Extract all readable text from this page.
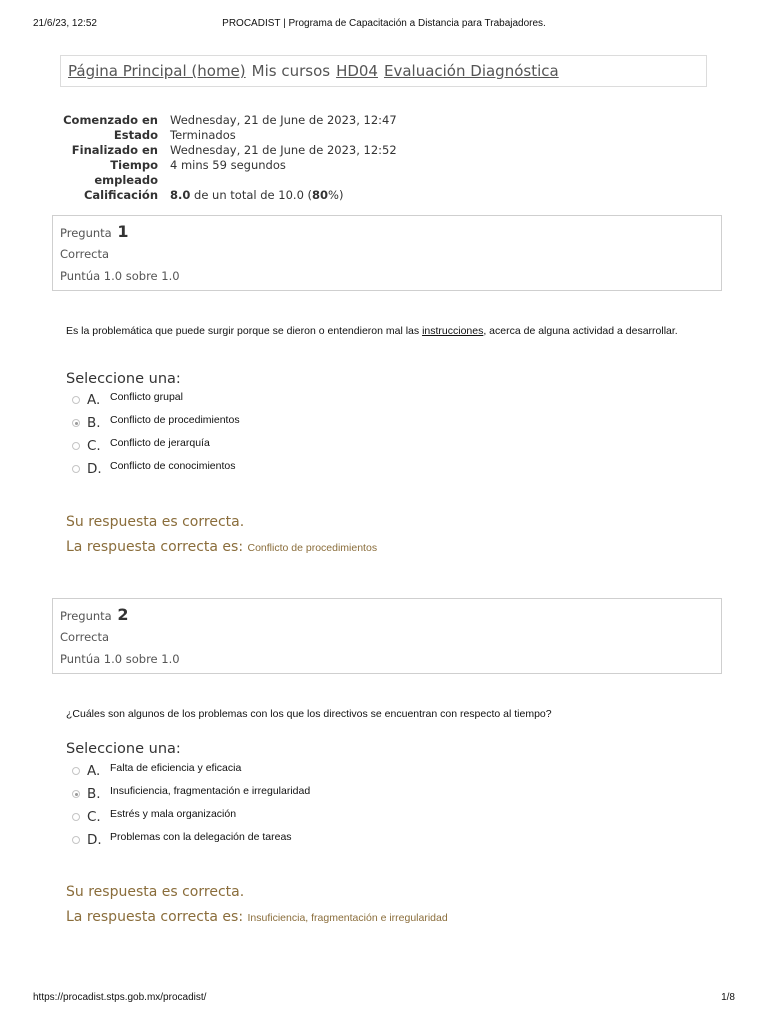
21/6/23, 12:52	PROCADIST | Programa de Capacitación a Distancia para Trabajadores.
Página Principal (home) Mis cursos HD04 Evaluación Diagnóstica
Comenzado en Wednesday, 21 de June de 2023, 12:47
Estado Terminados
Finalizado en Wednesday, 21 de June de 2023, 12:52
Tiempo
empleado
4 mins 59 segundos
Calificación 8.0 de un total de 10.0 (80%)
Pregunta 1
Correcta
Puntúa 1.0 sobre 1.0
Es la problemática que puede surgir porque se dieron o entendieron mal las instrucciones, acerca de alguna actividad a desarrollar.
Seleccione una:
A. Conflicto grupal
B. Conflicto de procedimientos
C. Conflicto de jerarquía
D. Conflicto de conocimientos
Su respuesta es correcta.
La respuesta correcta es: Conflicto de procedimientos
Pregunta 2
Correcta
Puntúa 1.0 sobre 1.0
¿Cuáles son algunos de los problemas con los que los directivos se encuentran con respecto al tiempo?
Seleccione una:
A. Falta de eficiencia y eficacia
B. Insuficiencia, fragmentación e irregularidad
C. Estrés y mala organización
D. Problemas con la delegación de tareas
Su respuesta es correcta.
La respuesta correcta es: Insuficiencia, fragmentación e irregularidad
https://procadist.stps.gob.mx/procadist/	1/8
